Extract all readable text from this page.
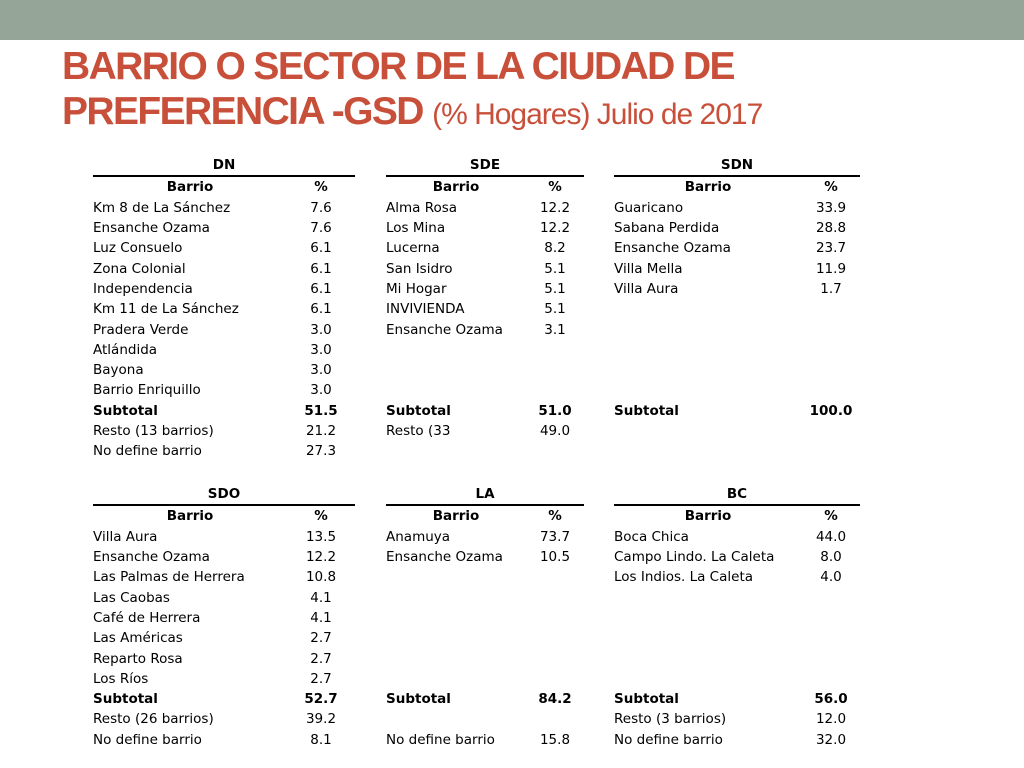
BARRIO O SECTOR DE LA CIUDAD DE PREFERENCIA -GSD (% Hogares) Julio de 2017
DN	
Barrio	%
Km 8 de La Sánchez	7.6
Ensanche Ozama	7.6
Luz Consuelo	6.1
Zona Colonial	6.1
Independencia	6.1
Km 11 de La Sánchez	6.1
Pradera Verde	3.0
Atlándida	3.0
Bayona	3.0
Barrio Enriquillo	3.0
Subtotal	51.5
Resto (13 barrios)	21.2
No define barrio	27.3
SDE	
Barrio	%
Alma Rosa	12.2
Los Mina	12.2
Lucerna	8.2
San Isidro	5.1
Mi Hogar	5.1
INVIVIENDA	5.1
Ensanche Ozama	3.1

Subtotal	51.0
Resto (33	49.0

SDN	
Barrio	%
Guaricano	33.9
Sabana Perdida	28.8
Ensanche Ozama	23.7
Villa Mella	11.9
Villa Aura	1.7

Subtotal	100.0

SDO	
Barrio	%
Villa Aura	13.5
Ensanche Ozama	12.2
Las Palmas de Herrera	10.8
Las Caobas	4.1
Café de Herrera	4.1
Las Américas	2.7
Reparto Rosa	2.7
Los Ríos	2.7
Subtotal	52.7
Resto (26 barrios)	39.2
No define barrio	8.1
LA	
Barrio	%
Anamuya	73.7
Ensanche Ozama	10.5

Subtotal	84.2

No define barrio	15.8
BC	
Barrio	%
Boca Chica	44.0
Campo Lindo. La Caleta	8.0
Los Indios. La Caleta	4.0

Subtotal	56.0
Resto (3 barrios)	12.0
No define barrio	32.0
